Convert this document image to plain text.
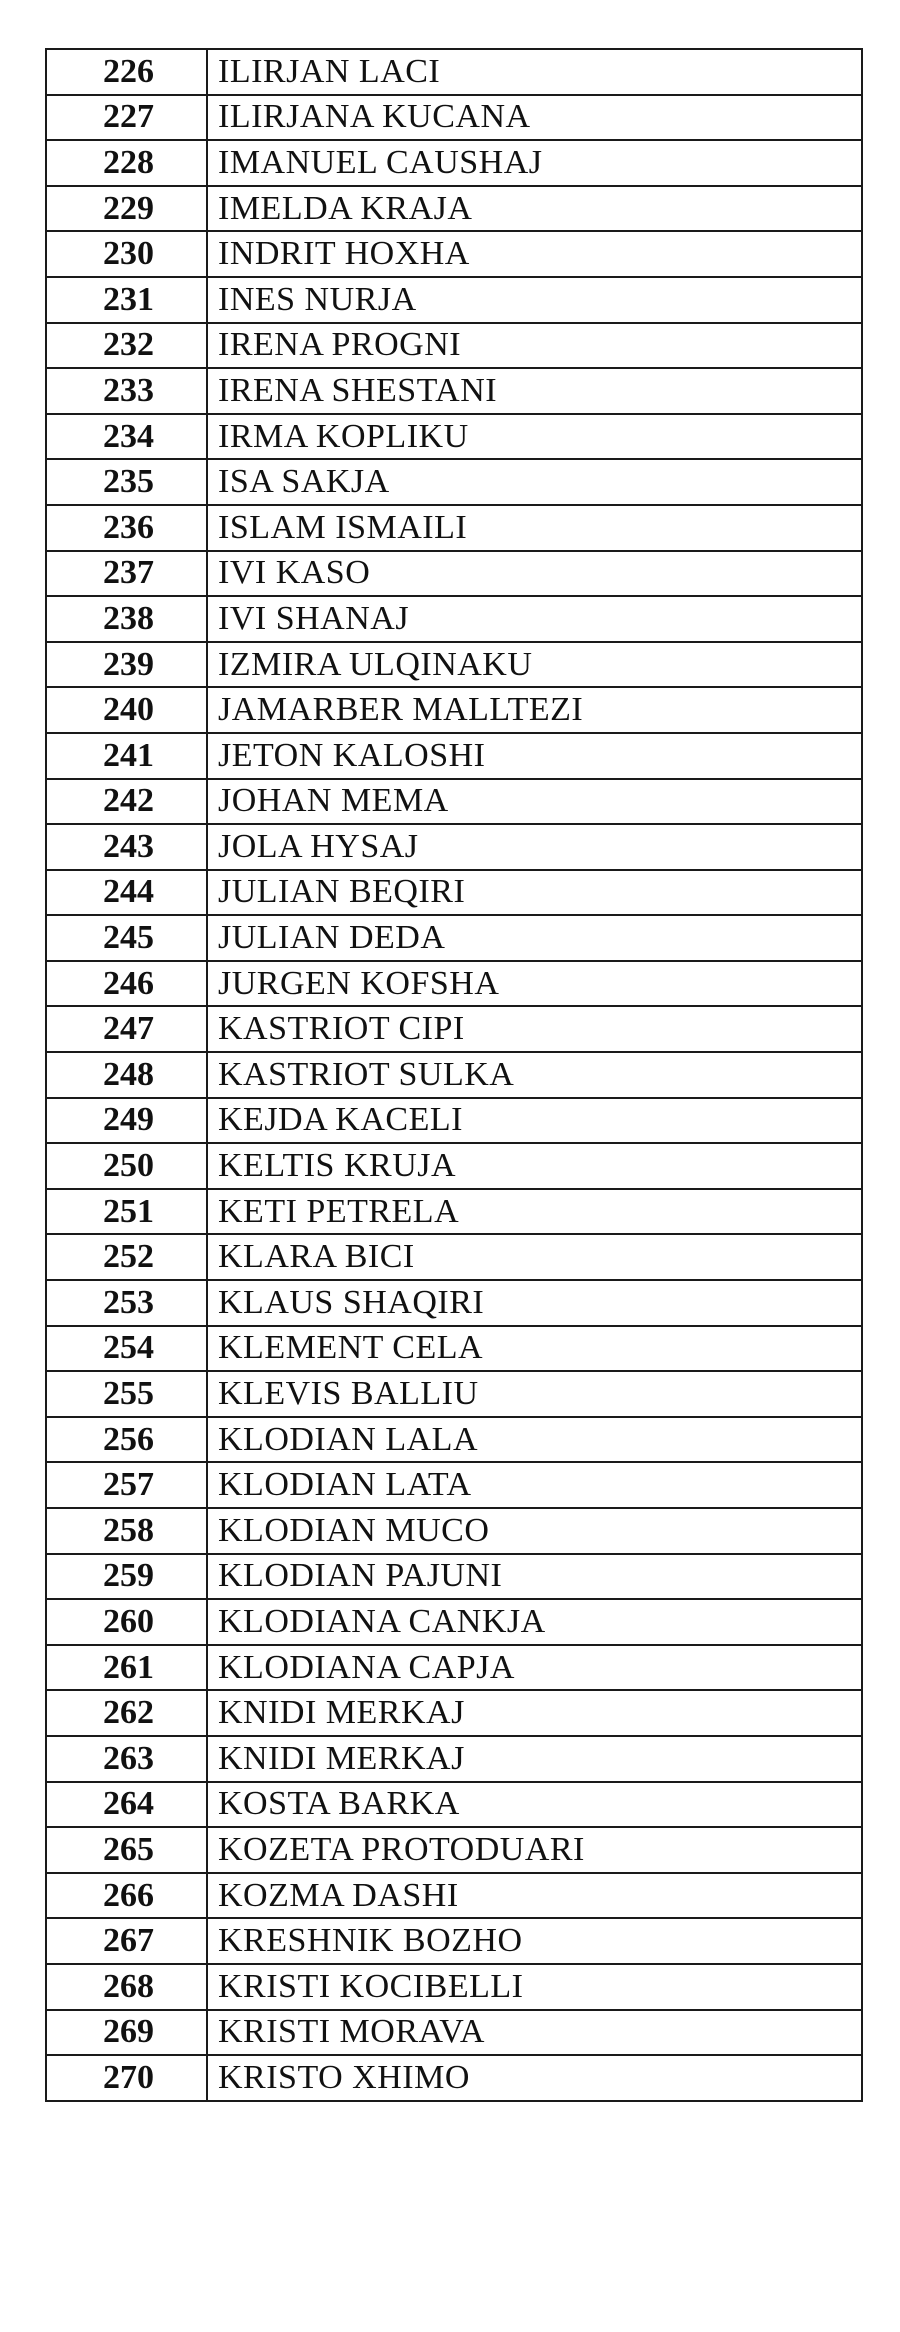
226	ILIRJAN LACI
227	ILIRJANA KUCANA
228	IMANUEL CAUSHAJ
229	IMELDA KRAJA
230	INDRIT HOXHA
231	INES NURJA
232	IRENA PROGNI
233	IRENA SHESTANI
234	IRMA KOPLIKU
235	ISA SAKJA
236	ISLAM ISMAILI
237	IVI KASO
238	IVI SHANAJ
239	IZMIRA ULQINAKU
240	JAMARBER MALLTEZI
241	JETON KALOSHI
242	JOHAN MEMA
243	JOLA HYSAJ
244	JULIAN BEQIRI
245	JULIAN DEDA
246	JURGEN KOFSHA
247	KASTRIOT CIPI
248	KASTRIOT SULKA
249	KEJDA KACELI
250	KELTIS KRUJA
251	KETI PETRELA
252	KLARA BICI
253	KLAUS SHAQIRI
254	KLEMENT CELA
255	KLEVIS BALLIU
256	KLODIAN LALA
257	KLODIAN LATA
258	KLODIAN MUCO
259	KLODIAN PAJUNI
260	KLODIANA CANKJA
261	KLODIANA CAPJA
262	KNIDI MERKAJ
263	KNIDI MERKAJ
264	KOSTA BARKA
265	KOZETA PROTODUARI
266	KOZMA DASHI
267	KRESHNIK BOZHO
268	KRISTI KOCIBELLI
269	KRISTI MORAVA
270	KRISTO XHIMO
